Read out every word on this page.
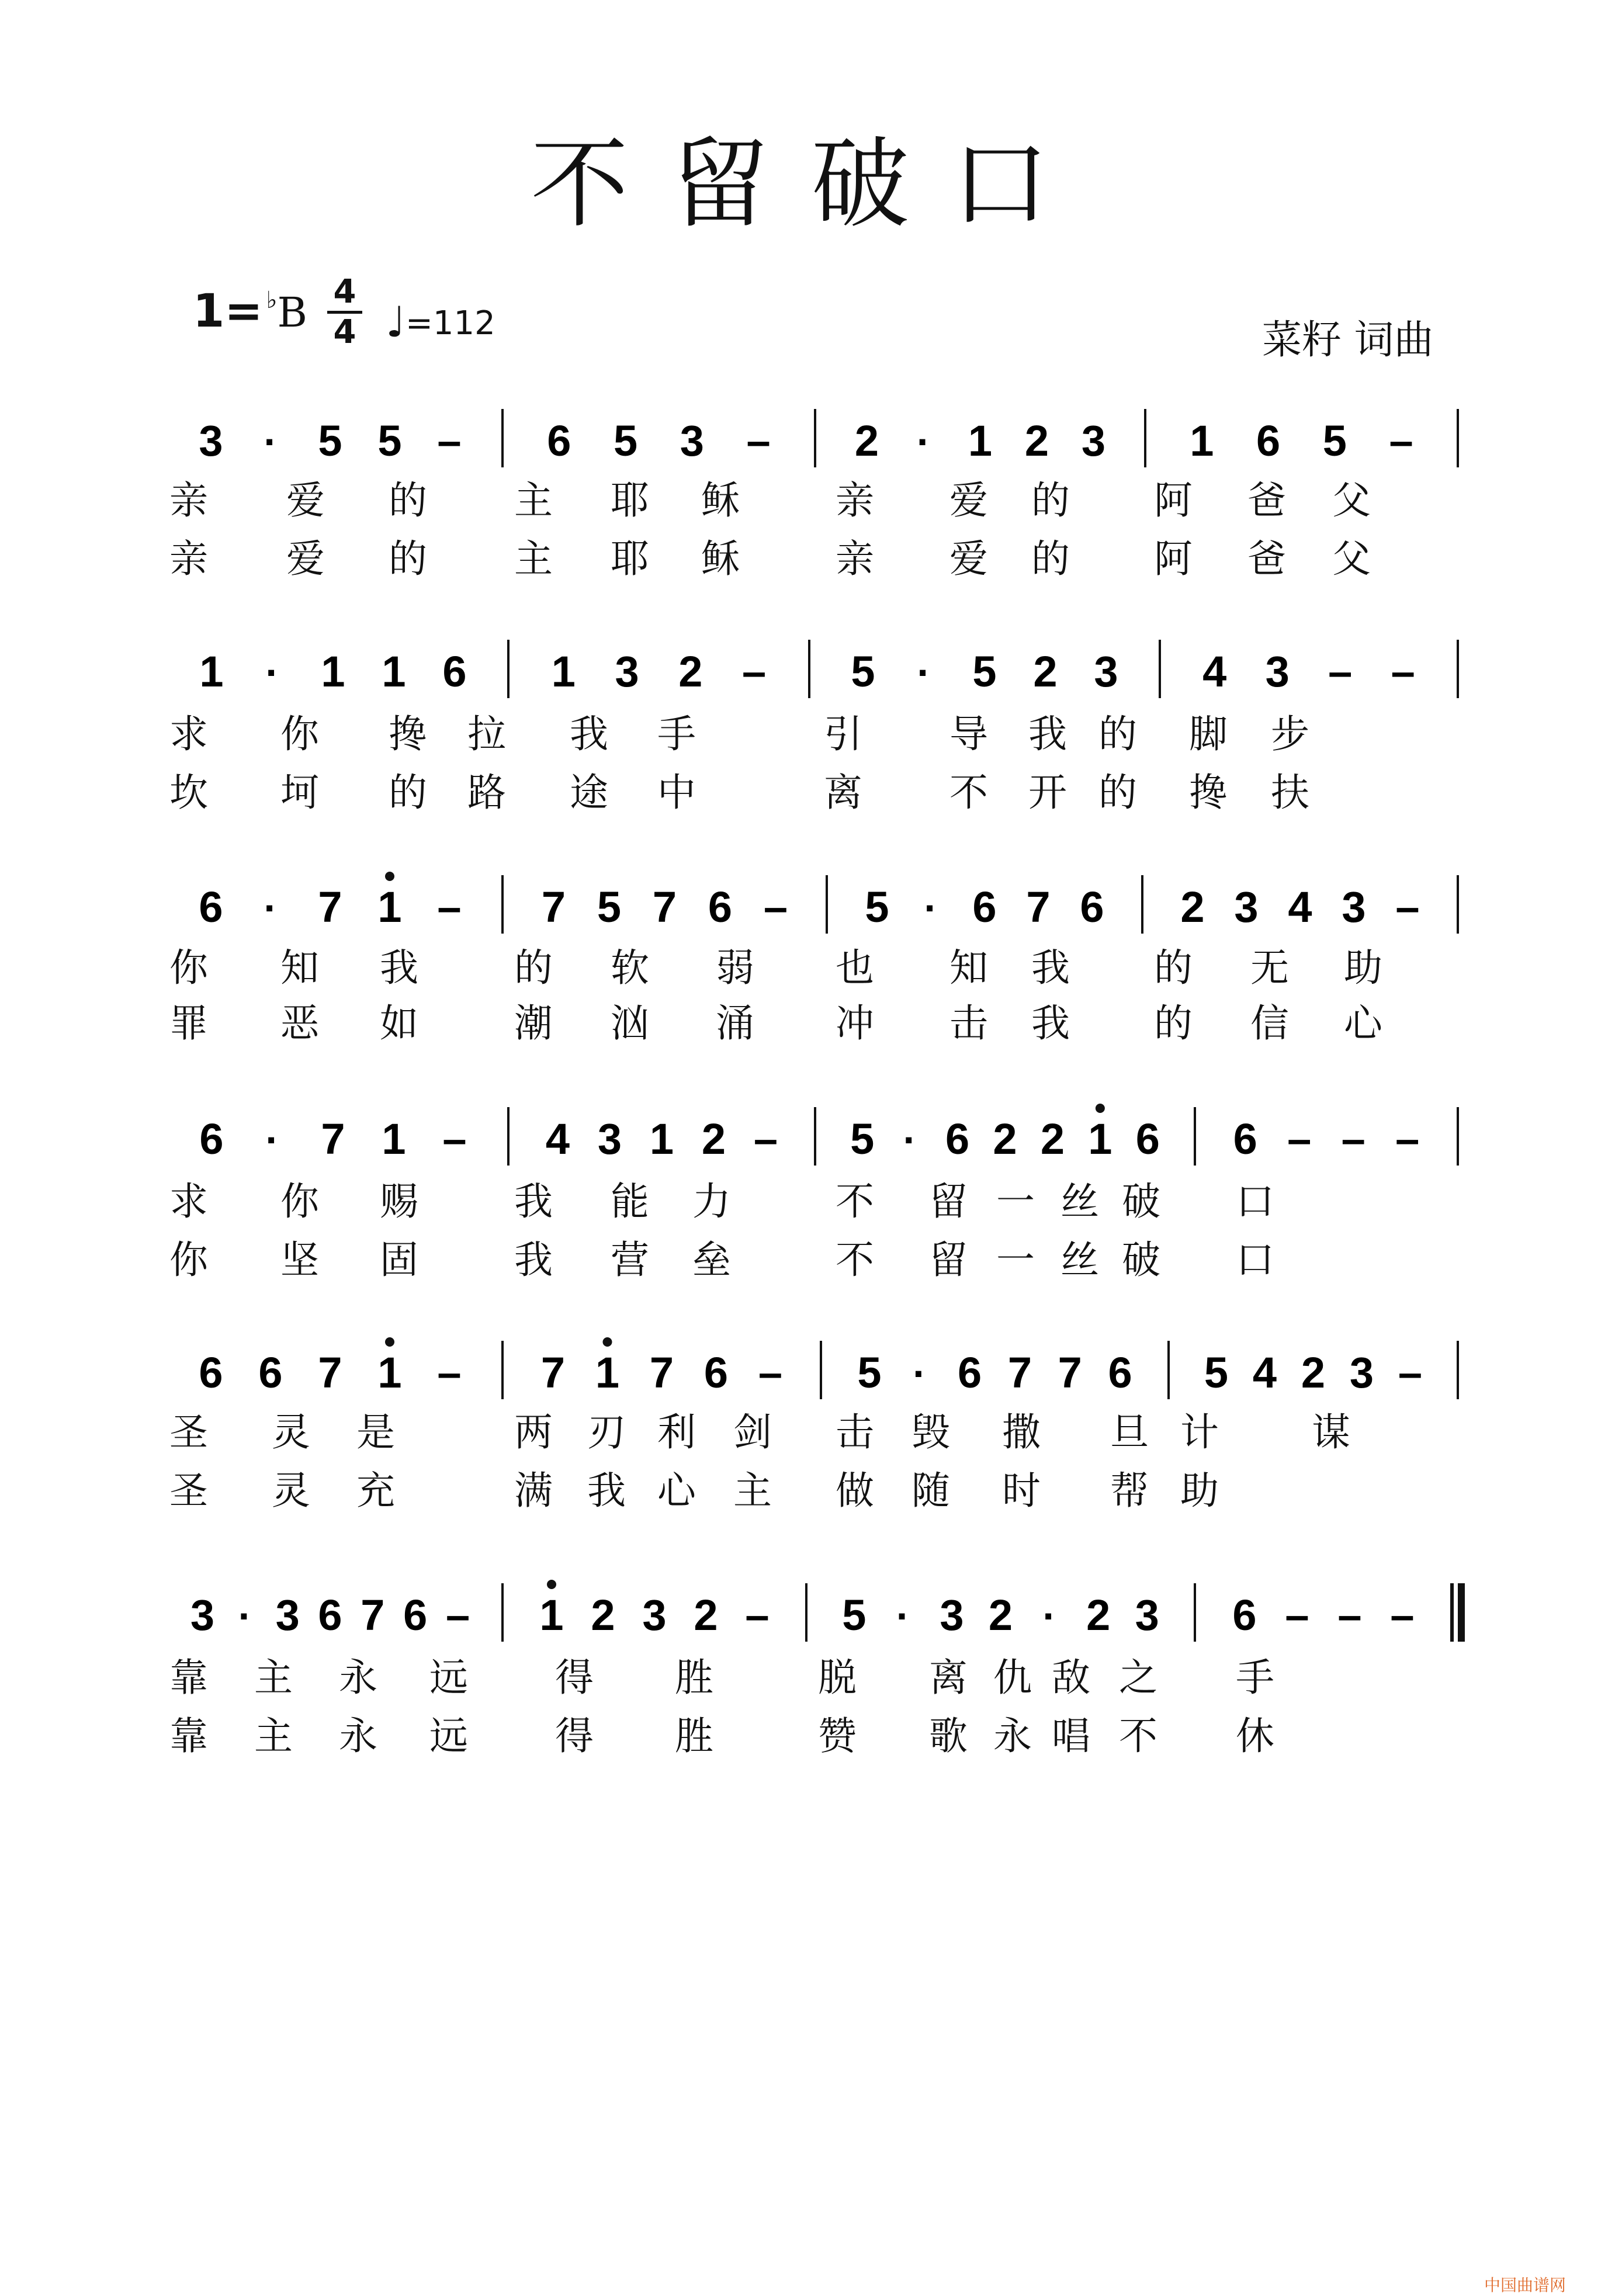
不留破口
1= ♭B 4
4 ♩=112	菜籽 词曲
3 · 5 5 – 6 5 3 – 2 · 1 2 3 1 6 5 –
1 · 1 1 6 1 3 2 – 5 · 5 2 3 4 3 – –
6 · 7 1 – 7 5 7 6 – 5 · 6 7 6 2 3 4 3 –
6 · 7 1 – 4 3 1 2 – 5 · 6 2 2 1 6 6 – – –
6 6 7 1 – 7 1 7 6 – 5 · 6 7 7 6 5 4 2 3 –
3 · 3 6 7 6 – 1 2 3 2 – 5 · 3 2 · 2 3 6 – – –
亲 爱 的 主 耶 稣 亲 爱 的 阿 爸 父
亲 爱 的 主 耶 稣 亲 爱 的 阿 爸 父
求 你 搀 拉 我 手	引 导 我 的 脚 步
坎 坷 的 路 途 中	离 不 开 的 搀 扶
你 知 我 的 软 弱 也 知 我 的 无 助
罪 恶 如 潮 汹 涌 冲 击 我 的 信 心
求 你 赐 我 能 力	不 留 一 丝 破 口
你 坚 固 我 营 垒	不 留 一 丝 破 口
圣 灵 是	两 刃 利 剑 击 毁 撒 旦 计 谋
圣 灵 充	满 我 心 主 做 随 时 帮 助
靠 主 永 远 得 胜	脱 离 仇 敌 之 手
靠 主 永 远 得 胜	赞 歌 永 唱 不 休
中国曲谱网
